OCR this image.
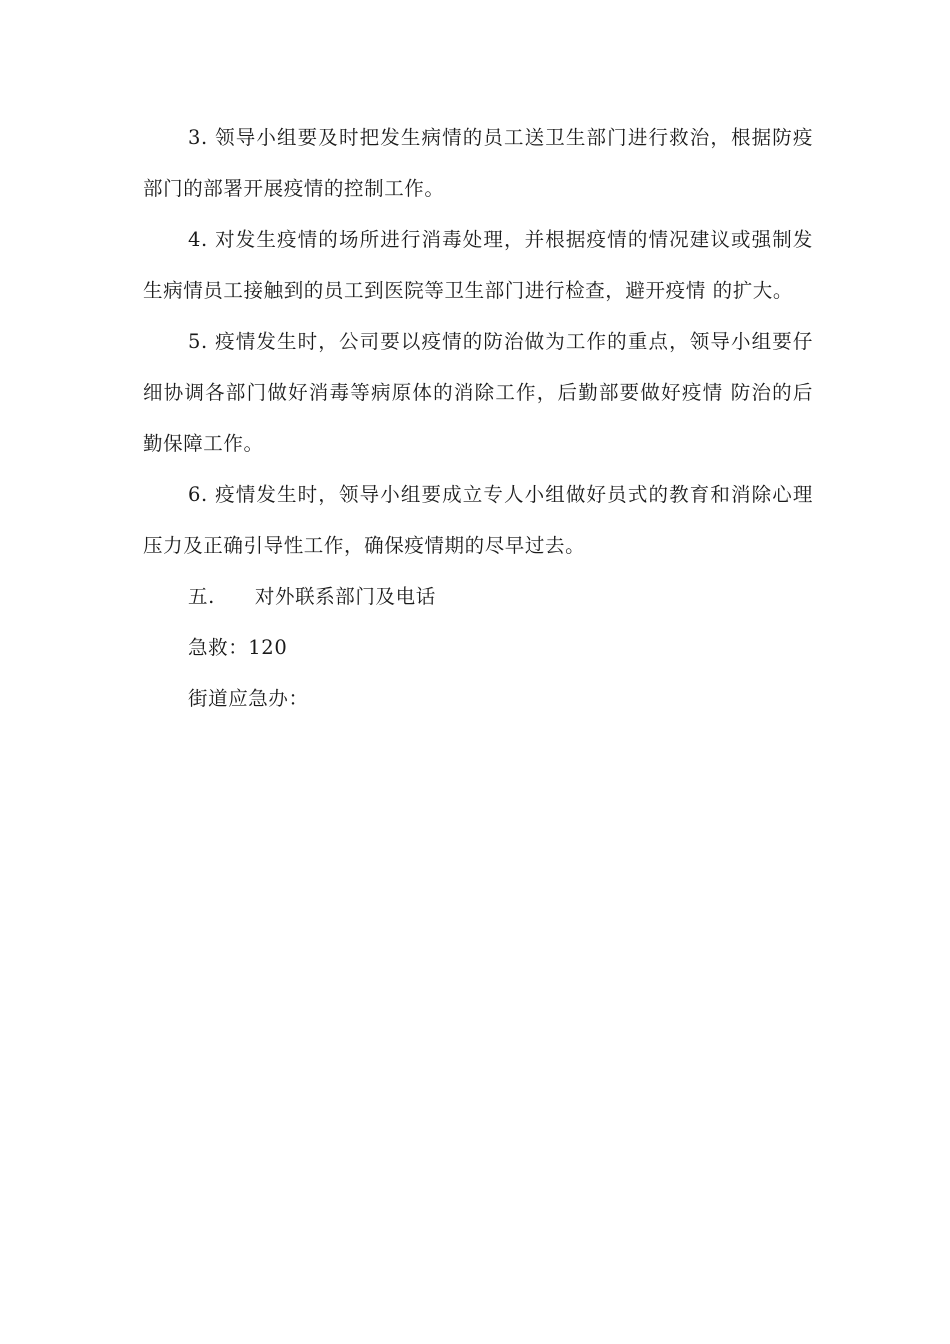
3. 领导小组要及时把发生病情的员工送卫生部门进行救治，根据防疫部门的部署开展疫情的控制工作。

4. 对发生疫情的场所进行消毒处理，并根据疫情的情况建议或强制发生病情员工接触到的员工到医院等卫生部门进行检查，避开疫情 的扩大。

5. 疫情发生时，公司要以疫情的防治做为工作的重点，领导小组要仔细协调各部门做好消毒等病原体的消除工作，后勤部要做好疫情 防治的后勤保障工作。

6. 疫情发生时，领导小组要成立专人小组做好员式的教育和消除心理压力及正确引导性工作，确保疫情期的尽早过去。

五. 对外联系部门及电话

急救：120

街道应急办：
